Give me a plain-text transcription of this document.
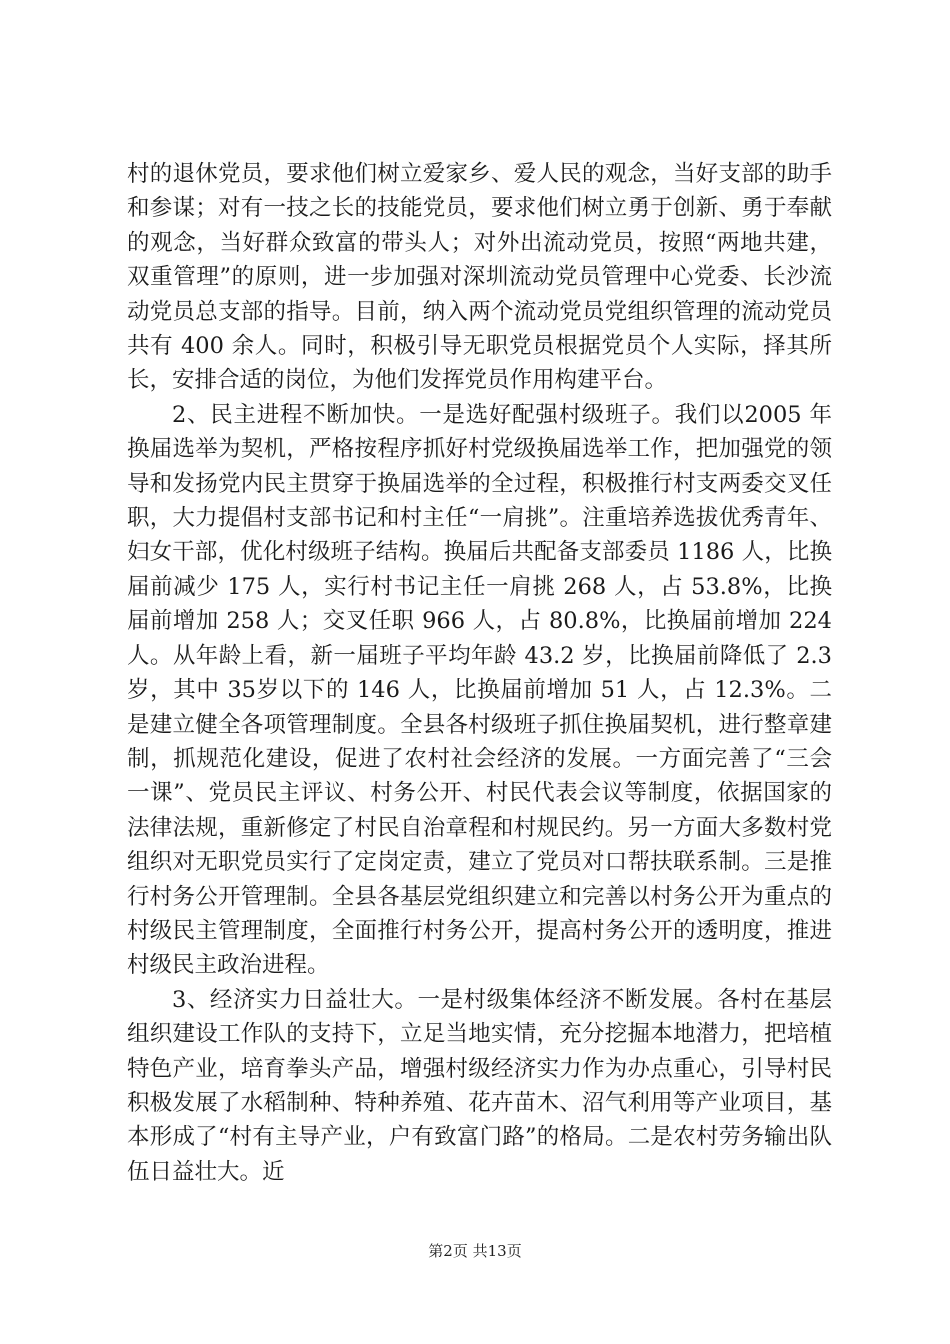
村的退休党员，要求他们树立爱家乡、爱人民的观念，当好支部的助手和参谋；对有一技之长的技能党员，要求他们树立勇于创新、勇于奉献的观念，当好群众致富的带头人；对外出流动党员，按照“两地共建，双重管理”的原则，进一步加强对深圳流动党员管理中心党委、长沙流动党员总支部的指导。目前，纳入两个流动党员党组织管理的流动党员共有 400 余人。同时，积极引导无职党员根据党员个人实际，择其所长，安排合适的岗位，为他们发挥党员作用构建平台。

2、民主进程不断加快。一是选好配强村级班子。我们以2005 年换届选举为契机，严格按程序抓好村党级换届选举工作，把加强党的领导和发扬党内民主贯穿于换届选举的全过程，积极推行村支两委交叉任职，大力提倡村支部书记和村主任“一肩挑”。注重培养选拔优秀青年、妇女干部，优化村级班子结构。换届后共配备支部委员 1186 人，比换届前减少 175 人，实行村书记主任一肩挑 268 人，占 53.8%，比换届前增加 258 人；交叉任职 966 人，占 80.8%，比换届前增加 224 人。从年龄上看，新一届班子平均年龄 43.2 岁，比换届前降低了 2.3 岁，其中 35岁以下的 146 人，比换届前增加 51 人，占 12.3%。二是建立健全各项管理制度。全县各村级班子抓住换届契机，进行整章建制，抓规范化建设，促进了农村社会经济的发展。一方面完善了“三会一课”、党员民主评议、村务公开、村民代表会议等制度，依据国家的法律法规，重新修定了村民自治章程和村规民约。另一方面大多数村党组织对无职党员实行了定岗定责，建立了党员对口帮扶联系制。三是推行村务公开管理制。全县各基层党组织建立和完善以村务公开为重点的村级民主管理制度，全面推行村务公开，提高村务公开的透明度，推进村级民主政治进程。

3、经济实力日益壮大。一是村级集体经济不断发展。各村在基层组织建设工作队的支持下，立足当地实情，充分挖掘本地潜力，把培植特色产业，培育拳头产品，增强村级经济实力作为办点重心，引导村民积极发展了水稻制种、特种养殖、花卉苗木、沼气利用等产业项目，基本形成了“村有主导产业，户有致富门路”的格局。二是农村劳务输出队伍日益壮大。近

第2页 共13页
